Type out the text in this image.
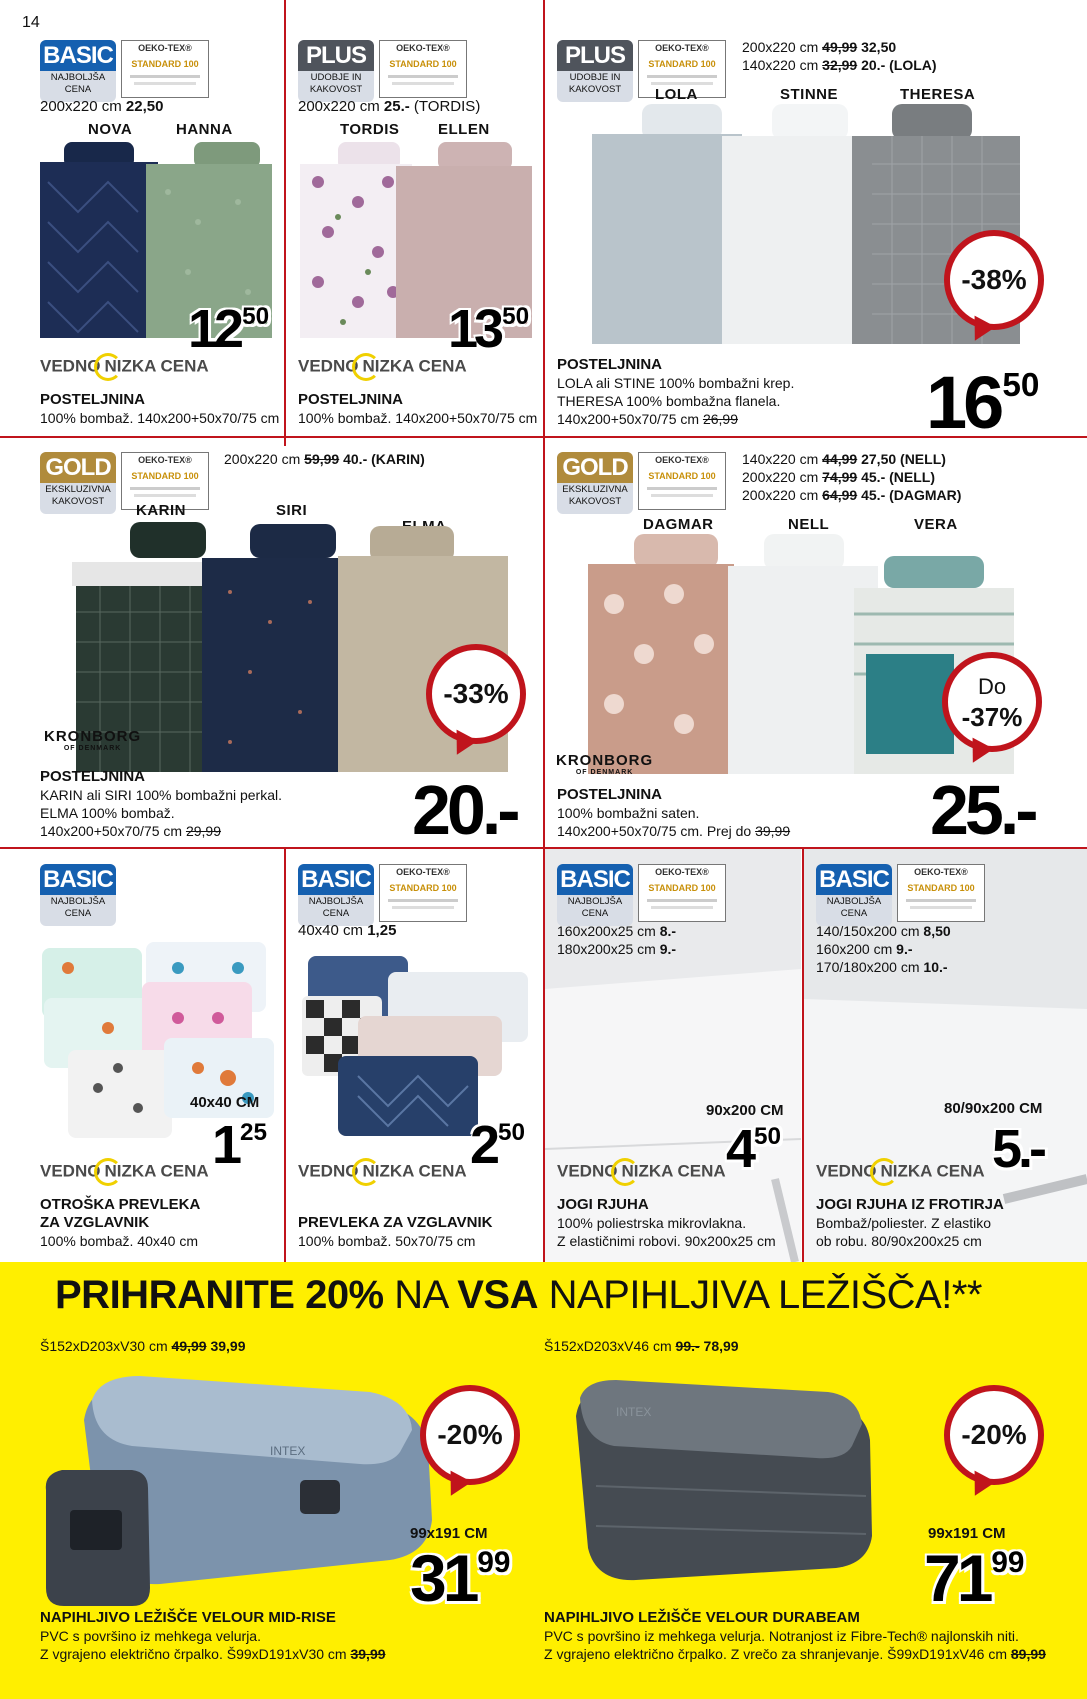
14
BASIC
NAJBOLJŠA
CENA
OEKO-TEX®
STANDARD 100
200x220 cm 22,50
NOVA	HANNA
$12^{50}$
VEDNO NIZKA CENA
POSTELJNINA
100% bombaž. 140x200+50x70/75 cm
PLUS
UDOBJE IN
KAKOVOST
OEKO-TEX®
STANDARD 100
200x220 cm 25.- (TORDIS)
TORDIS	ELLEN
$13^{50}$
VEDNO NIZKA CENA
POSTELJNINA
100% bombaž. 140x200+50x70/75 cm
PLUS
UDOBJE IN
KAKOVOST
OEKO-TEX®
STANDARD 100
200x220 cm 49,99 32,50
140x220 cm 32,99 20.- (LOLA)
LOLA	STINNE	THERESA
-38%
$16^{50}$
POSTELJNINA
LOLA ali STINE 100% bombažni krep.
THERESA 100% bombažna flanela.
140x200+50x70/75 cm 26,99
GOLD
EKSKLUZIVNA
KAKOVOST
OEKO-TEX®
STANDARD 100
200x220 cm 59,99 40.- (KARIN)
KARIN	SIRI
KRONBORG
OF DENMARK
-33%
20.-
POSTELJNINA
KARIN ali SIRI 100% bombažni perkal.
ELMA 100% bombaž.
140x200+50x70/75 cm 29,99
GOLD
EKSKLUZIVNA
KAKOVOST
OEKO-TEX®
STANDARD 100
140x220 cm 44,99 27,50 (NELL)
200x220 cm 74,99 45.- (NELL)
200x220 cm 64,99 45.- (DAGMAR)
DAGMAR	NELL	VERA
KRONBORG
OF DENMARK
Do
-37%
25.-
POSTELJNINA
100% bombažni saten.
140x200+50x70/75 cm. Prej do 39,99
BASIC
NAJBOLJŠA
CENA
40x40 CM
$1^{25}$
VEDNO NIZKA CENA
OTROŠKA PREVLEKA
ZA VZGLAVNIK
100% bombaž. 40x40 cm
BASIC
NAJBOLJŠA
CENA
OEKO-TEX®
STANDARD 100
40x40 cm 1,25
$2^{50}$
VEDNO NIZKA CENA
PREVLEKA ZA VZGLAVNIK
100% bombaž. 50x70/75 cm
BASIC
NAJBOLJŠA
CENA
OEKO-TEX®
STANDARD 100
160x200x25 cm 8.-
180x200x25 cm 9.-
90x200 CM
$4^{50}$
VEDNO NIZKA CENA
JOGI RJUHA
100% poliestrska mikrovlakna.
Z elastičnimi robovi. 90x200x25 cm
BASIC
NAJBOLJŠA
CENA
OEKO-TEX®
STANDARD 100
140/150x200 cm 8,50
160x200 cm 9.-
170/180x200 cm 10.-
80/90x200 CM
5.-
VEDNO NIZKA CENA
JOGI RJUHA IZ FROTIRJA
Bombaž/poliester. Z elastiko
ob robu. 80/90x200x25 cm
PRIHRANITE 20% NA VSA NAPIHLJIVA LEŽIŠČA!**
Š152xD203xV30 cm 49,99 39,99
INTEX
-20%
99x191 CM
$31^{99}$
NAPIHLJIVO LEŽIŠČE VELOUR MID-RISE
PVC s površino iz mehkega velurja.
Z vgrajeno električno črpalko. Š99xD191xV30 cm 39,99
Š152xD203xV46 cm 99.- 78,99
INTEX
-20%
99x191 CM
$71^{99}$
NAPIHLJIVO LEŽIŠČE VELOUR DURABEAM
PVC s površino iz mehkega velurja. Notranjost iz Fibre-Tech® najlonskih niti.
Z vgrajeno električno črpalko. Z vrečo za shranjevanje. Š99xD191xV46 cm 89,99
